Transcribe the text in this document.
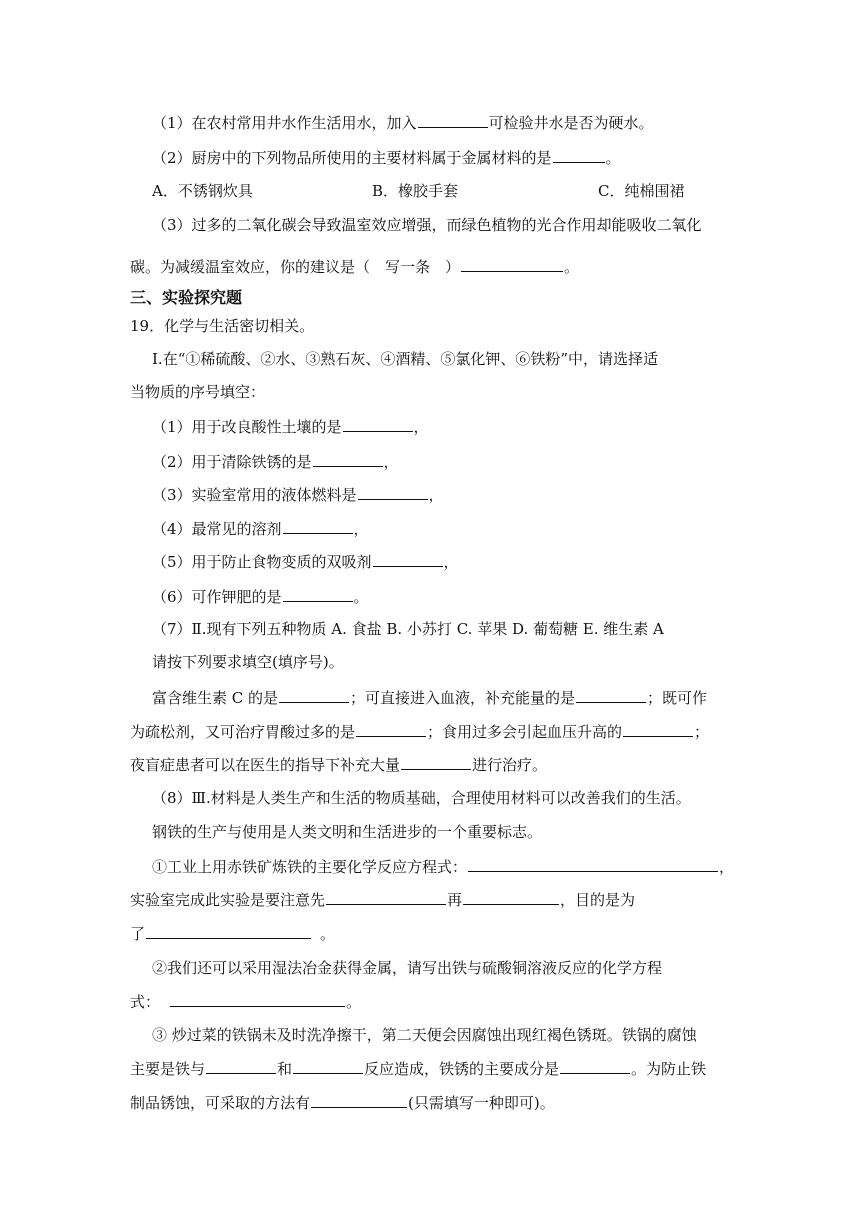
（1）在农村常用井水作生活用水，加入	可检验井水是否为硬水。
（2）厨房中的下列物品所使用的主要材料属于金属材料的是	。
A．不锈钢炊具	B．橡胶手套	C．纯棉围裙
（3）过多的二氧化碳会导致温室效应增强，而绿色植物的光合作用却能吸收二氧化
碳。为减缓温室效应，你的建议是（　写一条　）	。
三、实验探究题
19．化学与生活密切相关。
Ⅰ.在“①稀硫酸、②水、③熟石灰、④酒精、⑤氯化钾、⑥铁粉”中，请选择适
当物质的序号填空：
（1）用于改良酸性土壤的是	，
（2）用于清除铁锈的是	，
（3）实验室常用的液体燃料是	，
（4）最常见的溶剂	，
（5）用于防止食物变质的双吸剂	，
（6）可作钾肥的是	。
（7）Ⅱ.现有下列五种物质 A. 食盐 B. 小苏打 C. 苹果 D. 葡萄糖 E. 维生素 A
请按下列要求填空(填序号)。
富含维生素 C 的是	；可直接进入血液，补充能量的是	；既可作
为疏松剂，又可治疗胃酸过多的是	；食用过多会引起血压升高的	；
夜盲症患者可以在医生的指导下补充大量	进行治疗。
（8）Ⅲ.材料是人类生产和生活的物质基础，合理使用材料可以改善我们的生活。
钢铁的生产与使用是人类文明和生活进步的一个重要标志。
①工业上用赤铁矿炼铁的主要化学反应方程式：	，
实验室完成此实验是要注意先	再	，目的是为
了	。
②我们还可以采用湿法冶金获得金属，请写出铁与硫酸铜溶液反应的化学方程
式：	。
③ 炒过菜的铁锅未及时洗净擦干，第二天便会因腐蚀出现红褐色锈斑。铁锅的腐蚀
主要是铁与	和	反应造成，铁锈的主要成分是	。为防止铁
制品锈蚀，可采取的方法有	(只需填写一种即可)。
